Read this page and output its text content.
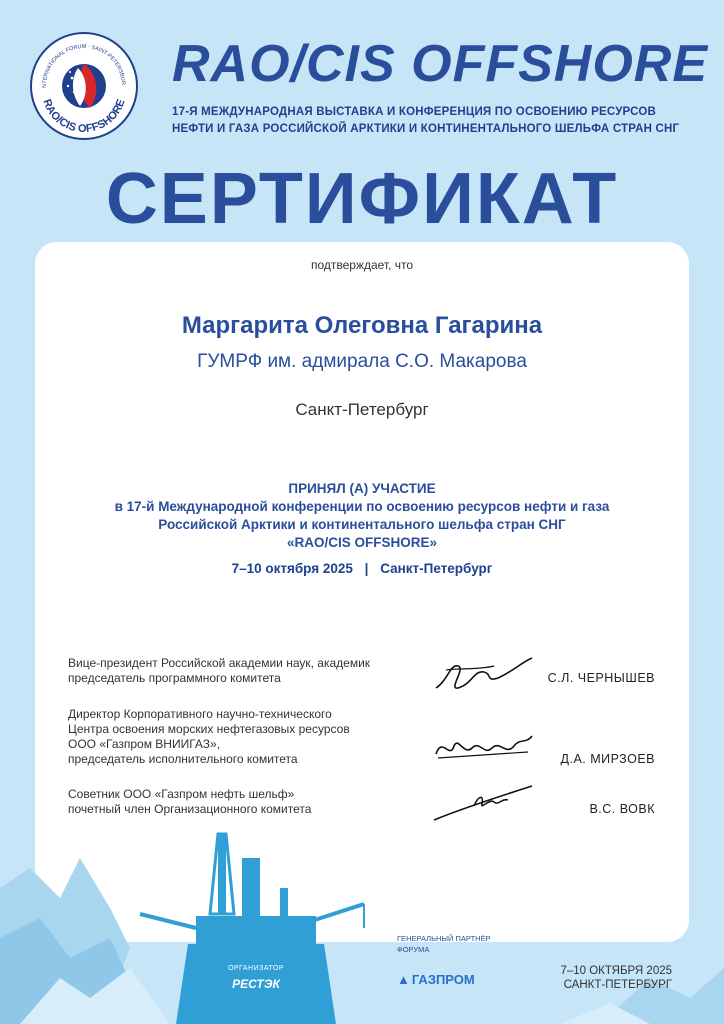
NTERNATIONAL FORUM · SAINT-PETERSBUR
RAO/CIS OFFSHORE
RAO/CIS OFFSHORE
17-Я МЕЖДУНАРОДНАЯ ВЫСТАВКА И КОНФЕРЕНЦИЯ ПО ОСВОЕНИЮ РЕСУРСОВ
НЕФТИ И ГАЗА РОССИЙСКОЙ АРКТИКИ И КОНТИНЕНТАЛЬНОГО ШЕЛЬФА СТРАН СНГ
СЕРТИФИКАТ
подтверждает, что
Маргарита Олеговна Гагарина
ГУМРФ им. адмирала С.О. Макарова
Санкт-Петербург
ПРИНЯЛ (А) УЧАСТИЕ
в 17-й Международной конференции по освоению ресурсов нефти и газа
Российской Арктики и континентального шельфа стран СНГ
«RAO/CIS OFFSHORE»
7–10 октября 2025 | Санкт-Петербург
Вице-президент Российской академии наук, академик
председатель программного комитета	С.Л. ЧЕРНЫШЕВ
Директор Корпоративного научно-технического
Центра освоения морских нефтегазовых ресурсов
ООО «Газпром ВНИИГАЗ»,
председатель исполнительного комитета	Д.А. МИРЗОЕВ
Советник ООО «Газпром нефть шельф»
почетный член Организационного комитета	В.С. ВОВК
ОРГАНИЗАТОР
РЕСТЭК
ГЕНЕРАЛЬНЫЙ ПАРТНЁР
ФОРУМА
▲ ГАЗПРОМ
7–10 ОКТЯБРЯ 2025
САНКТ-ПЕТЕРБУРГ
